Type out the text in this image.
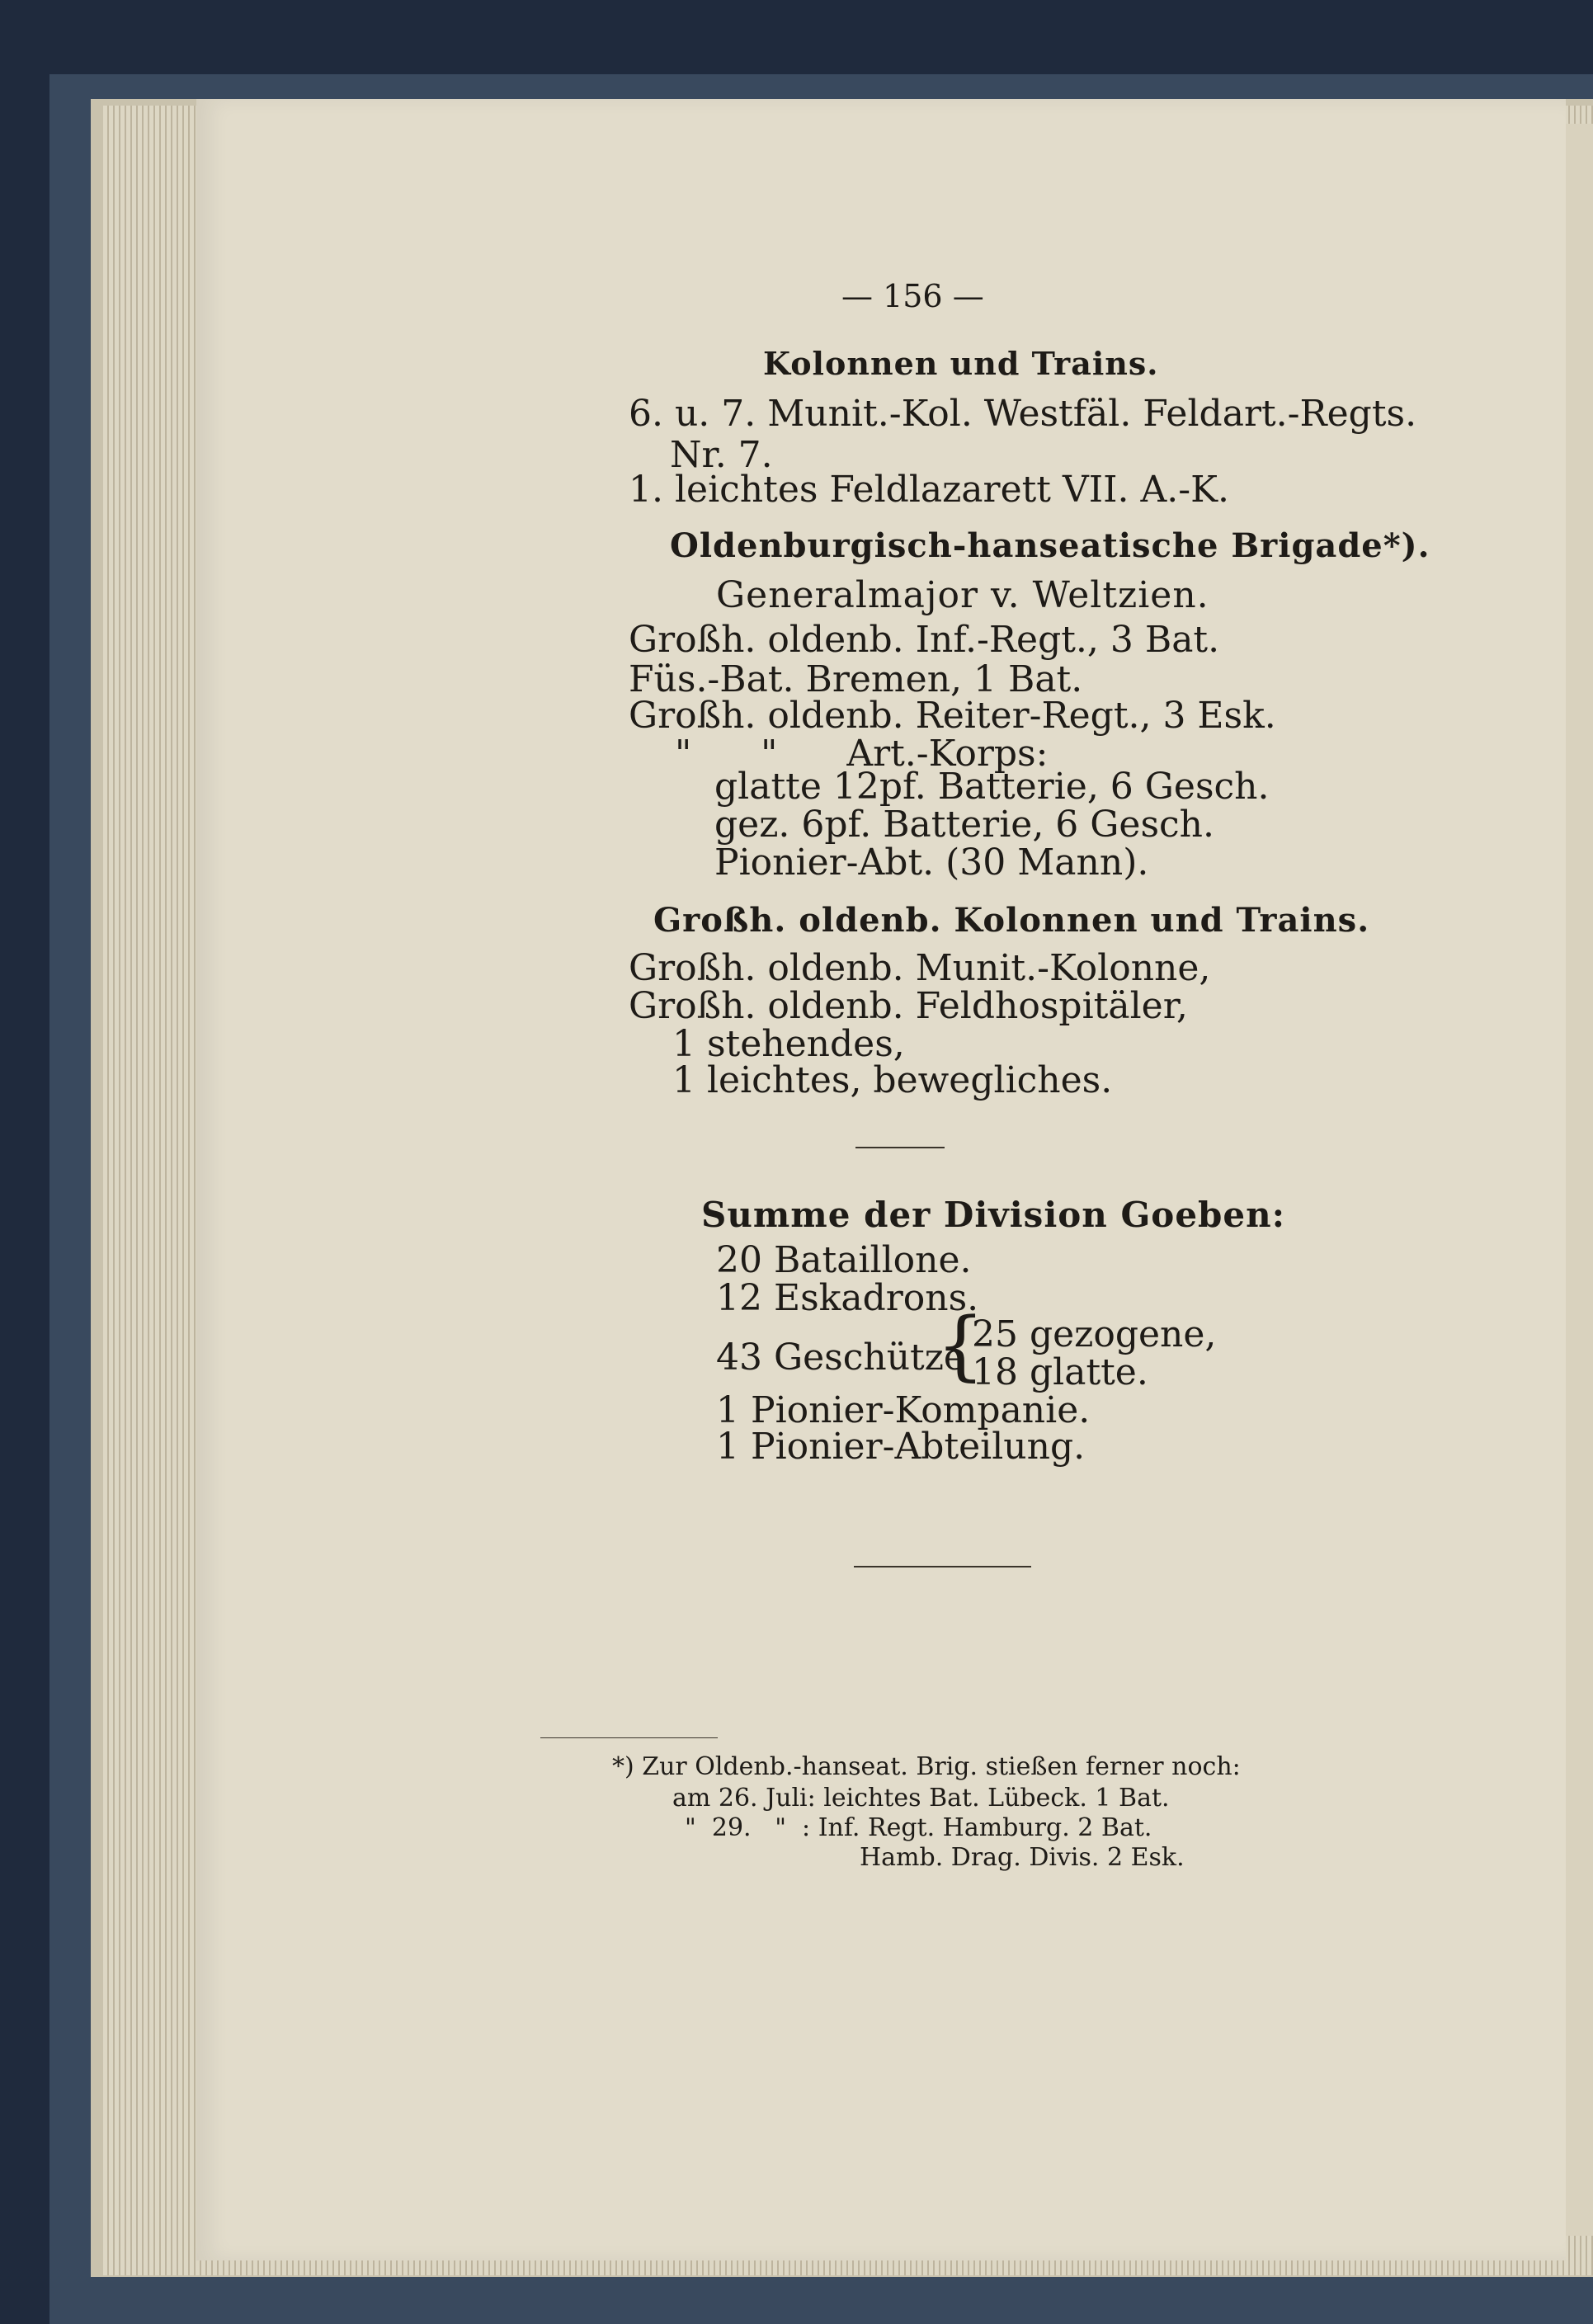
— 156 —
Kolonnen und Trains.
6. u. 7. Munit.-Kol. Westfäl. Feldart.-Regts.
Nr. 7.
1. leichtes Feldlazarett VII. A.-K.
Oldenburgisch-hanseatische Brigade*).
Generalmajor v. Weltzien.
Großh. oldenb. Inf.-Regt., 3 Bat.
Füs.-Bat. Bremen, 1 Bat.
Großh. oldenb. Reiter-Regt., 3 Esk.
"      "      Art.-Korps:
glatte 12pf. Batterie, 6 Gesch.
gez. 6pf. Batterie, 6 Gesch.
Pionier-Abt. (30 Mann).
Großh. oldenb. Kolonnen und Trains.
Großh. oldenb. Munit.-Kolonne,
Großh. oldenb. Feldhospitäler,
1 stehendes,
1 leichtes, bewegliches.
Summe der Division Goeben:
20 Bataillone.
12 Eskadrons.
43 Geschütze
{
25 gezogene,
18 glatte.
1 Pionier-Kompanie.
1 Pionier-Abteilung.
*) Zur Oldenb.-hanseat. Brig. stießen ferner noch:
am 26. Juli: leichtes Bat. Lübeck. 1 Bat.
"  29.   "  : Inf. Regt. Hamburg. 2 Bat.
Hamb. Drag. Divis. 2 Esk.
